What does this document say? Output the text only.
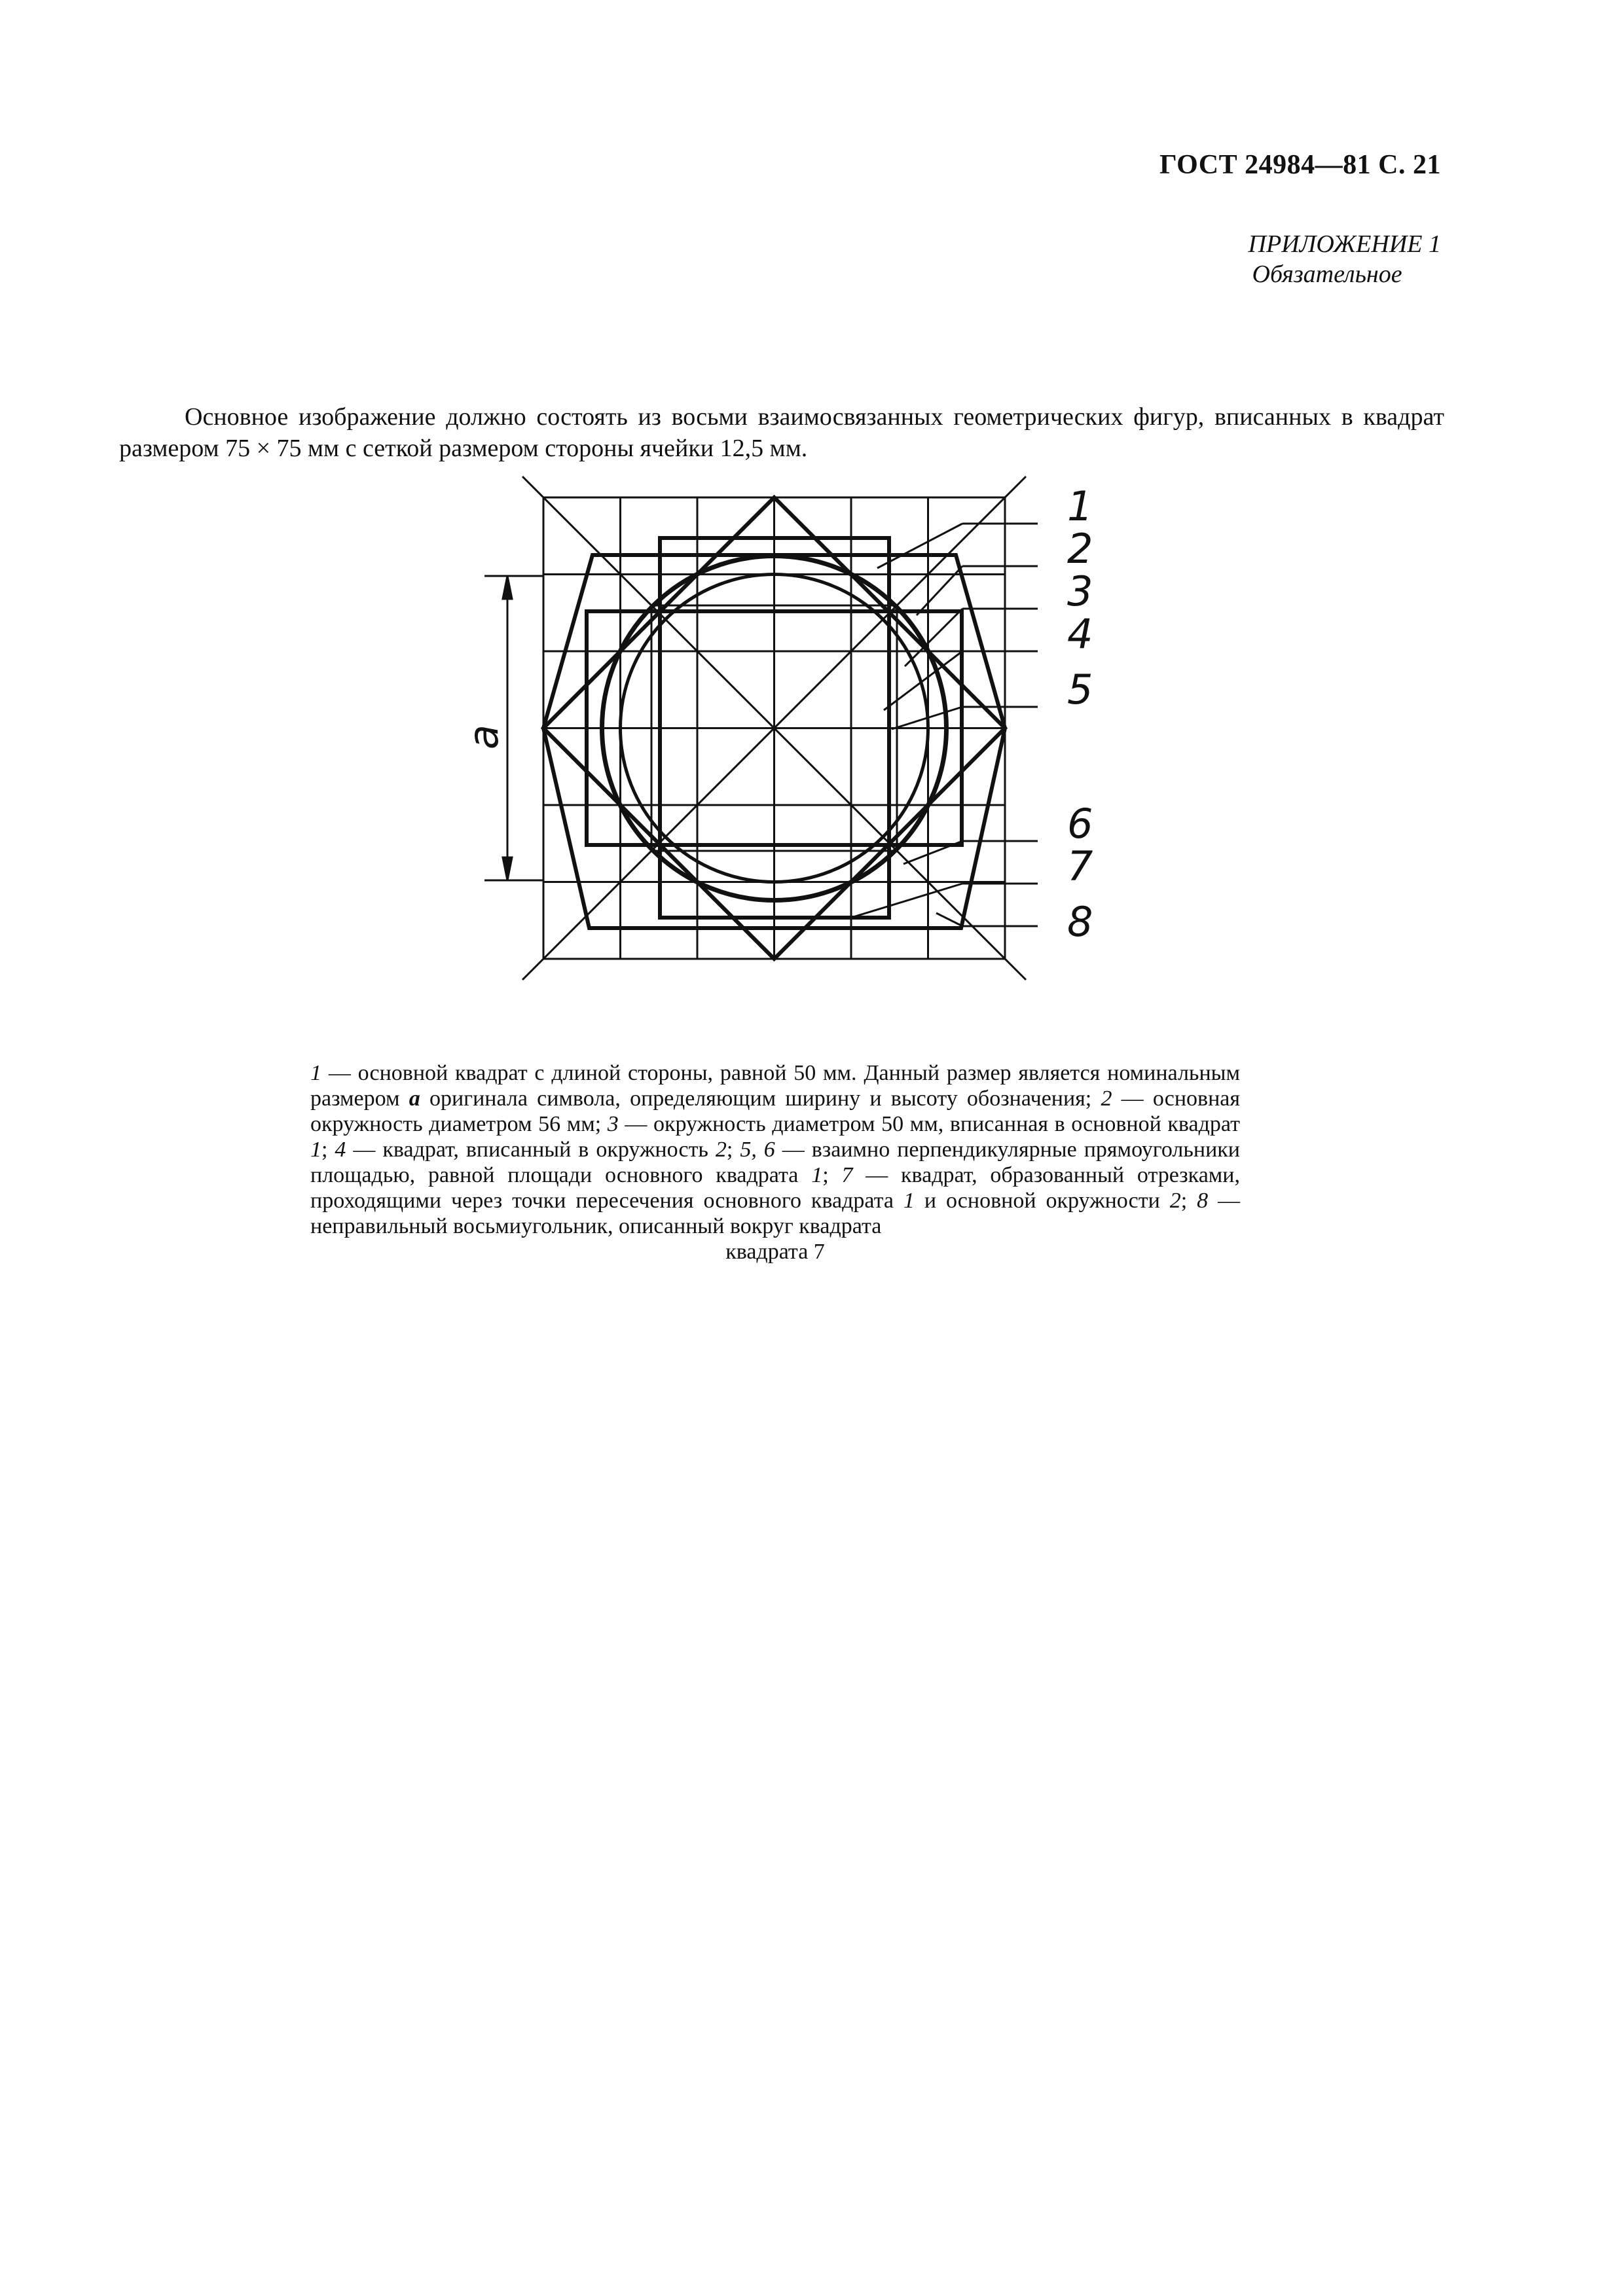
ГОСТ 24984—81 С. 21
ПРИЛОЖЕНИЕ 1
Обязательное

Основное изображение должно состоять из восьми взаимосвязанных геометрических фигур, вписанных в квадрат размером 75 × 75 мм с сеткой размером стороны ячейки 12,5 мм.

a
1
2
3
4
5
6
7
8
1 — основной квадрат с длиной стороны, равной 50 мм. Данный размер является номинальным размером a оригинала символа, определяющим ширину и высоту обозначения; 2 — основная окружность диаметром 56 мм; 3 — окружность диаметром 50 мм, вписанная в основной квадрат 1; 4 — квадрат, вписанный в окружность 2; 5, 6 — взаимно перпендикулярные прямоугольники площадью, равной площади основного квадрата 1; 7 — квадрат, образованный отрезками, проходящими через точки пересечения основного квадрата 1 и основной окружности 2; 8 — неправильный восьмиугольник, описанный вокруг квадрата
квадрата 7
